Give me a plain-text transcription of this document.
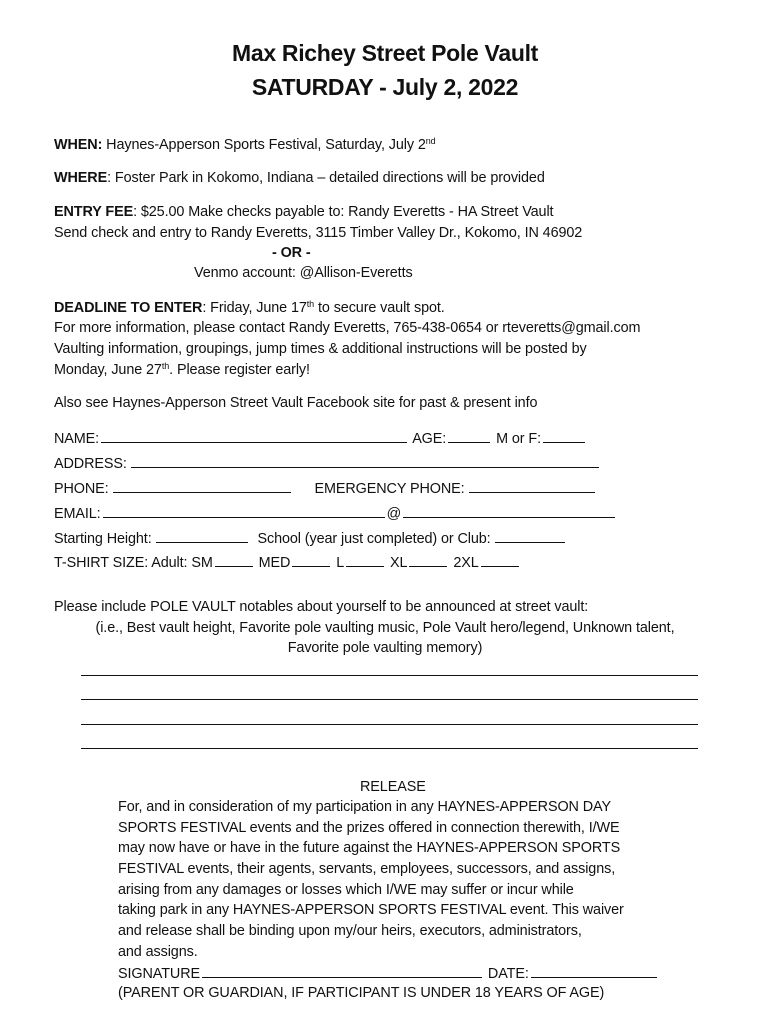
Max Richey Street Pole Vault
SATURDAY - July 2, 2022
WHEN: Haynes-Apperson Sports Festival, Saturday, July 2nd
WHERE: Foster Park in Kokomo, Indiana – detailed directions will be provided
ENTRY FEE: $25.00 Make checks payable to: Randy Everetts - HA Street Vault
Send check and entry to Randy Everetts, 3115 Timber Valley Dr., Kokomo, IN 46902
- OR -
Venmo account: @Allison-Everetts
DEADLINE TO ENTER: Friday, June 17th to secure vault spot.
For more information, please contact Randy Everetts, 765-438-0654 or rteveretts@gmail.com
Vaulting information, groupings, jump times & additional instructions will be posted by
Monday, June 27th. Please register early!
Also see Haynes-Apperson Street Vault Facebook site for past & present info
NAME:	AGE:	M or F:
ADDRESS:
PHONE:	EMERGENCY PHONE:
EMAIL:	@
Starting Height:	School (year just completed) or Club:
T-SHIRT SIZE: Adult: SM	MED	L	XL	2XL
Please include POLE VAULT notables about yourself to be announced at street vault:
(i.e., Best vault height, Favorite pole vaulting music, Pole Vault hero/legend, Unknown talent,
Favorite pole vaulting memory)
RELEASE
For, and in consideration of my participation in any HAYNES-APPERSON DAY
SPORTS FESTIVAL events and the prizes offered in connection therewith, I/WE
may now have or have in the future against the HAYNES-APPERSON SPORTS
FESTIVAL events, their agents, servants, employees, successors, and assigns,
arising from any damages or losses which I/WE may suffer or incur while
taking park in any HAYNES-APPERSON SPORTS FESTIVAL event. This waiver
and release shall be binding upon my/our heirs, executors, administrators,
and assigns.
SIGNATURE	DATE:
(PARENT OR GUARDIAN, IF PARTICIPANT IS UNDER 18 YEARS OF AGE)
